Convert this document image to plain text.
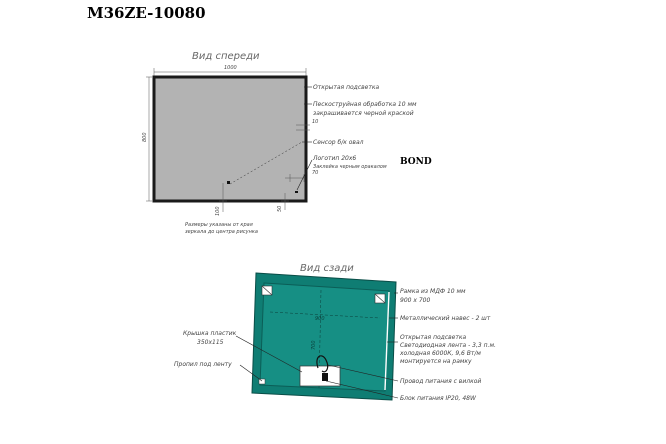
M36ZE-10080
Вид спереди
1000
800
10
70
100	50
Размеры указаны от края
зеркала до центра рисунка
Открытая подсветка
Пескоструйная обработка 10 мм
закрашивается черной краской
Сенсор б/к овал
Логотип 20х6
Заклейка черным оракалом BOND
Вид сзади
900
700
Рамка из МДФ 10 мм
900 х 700
Металлический навес - 2 шт
Открытая подсветка
Светодиодная лента - 3,3 п.м.
холодная 6000К, 9,6 Вт/м
монтируется на рамку
Провод питания с вилкой
Блок питания IP20, 48W
Крышка пластик
350х115
Пропил под ленту
